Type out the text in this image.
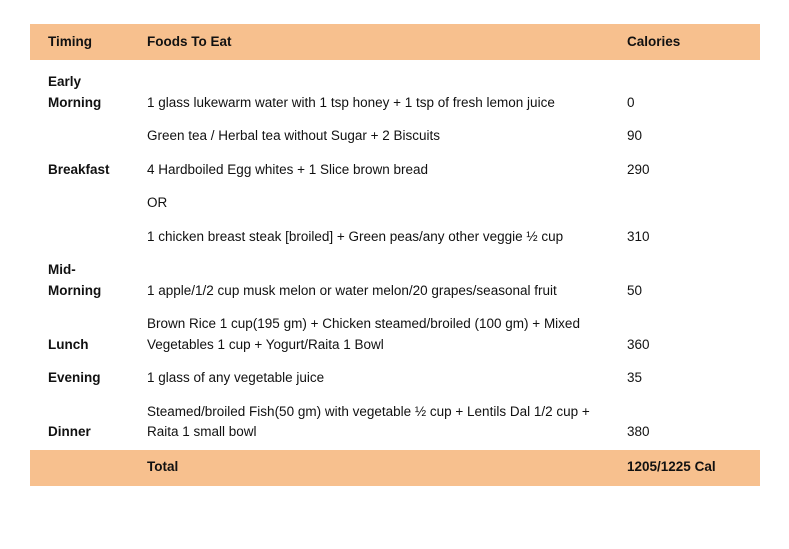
Timing	Foods To Eat	Calories

Early Morning	1 glass lukewarm water with 1 tsp honey + 1 tsp of fresh lemon juice	0
	Green tea / Herbal tea without Sugar + 2 Biscuits	90
Breakfast	4 Hardboiled Egg whites + 1 Slice brown bread	290
	OR	
	1 chicken breast steak [broiled] + Green peas/any other veggie ½ cup	310

Mid-Morning	1 apple/1/2 cup musk melon or water melon/20 grapes/seasonal fruit	50
Lunch	Brown Rice 1 cup(195 gm) + Chicken steamed/broiled (100 gm) + Mixed Vegetables 1 cup + Yogurt/Raita 1 Bowl	360
Evening	1 glass of any vegetable juice	35
Dinner	Steamed/broiled Fish(50 gm) with vegetable ½ cup + Lentils Dal 1/2 cup + Raita 1 small bowl	380
	Total	1205/1225 Cal
